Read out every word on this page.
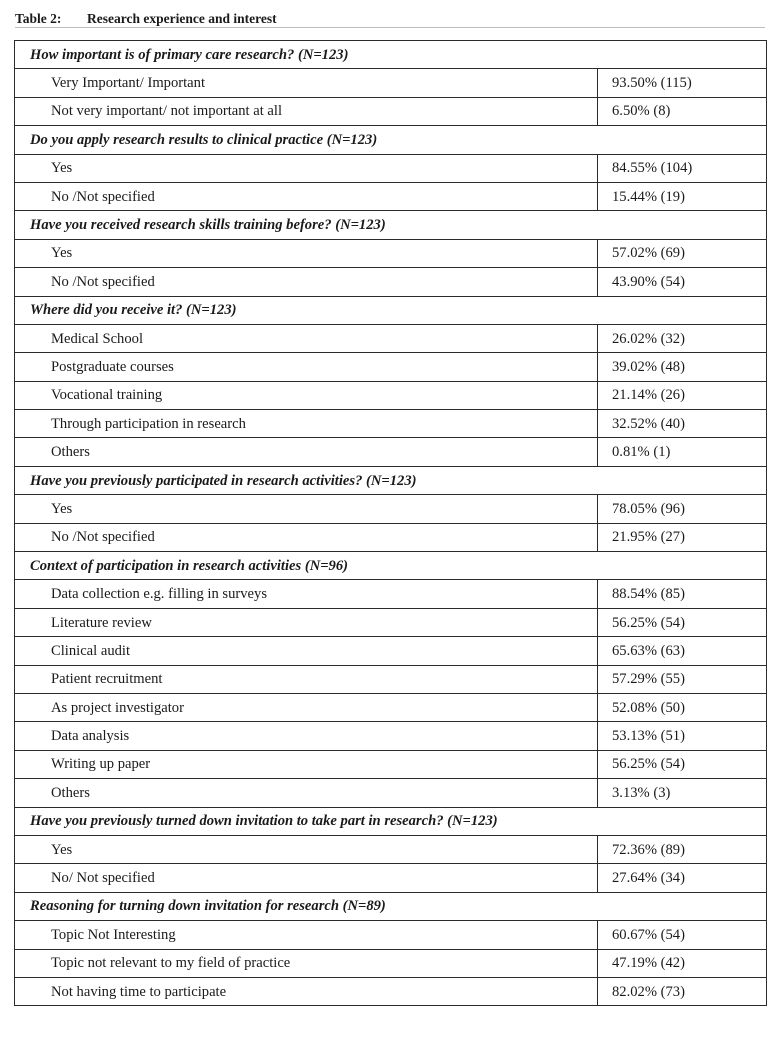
Table 2: Research experience and interest
How important is of primary care research? (N=123)	
Very Important/ Important	93.50% (115)
Not very important/ not important at all	6.50% (8)
Do you apply research results to clinical practice (N=123)	
Yes	84.55% (104)
No /Not specified	15.44% (19)
Have you received research skills training before? (N=123)	
Yes	57.02% (69)
No /Not specified	43.90% (54)
Where did you receive it? (N=123)	
Medical School	26.02% (32)
Postgraduate courses	39.02% (48)
Vocational training	21.14% (26)
Through participation in research	32.52% (40)
Others	0.81% (1)
Have you previously participated in research activities? (N=123)	
Yes	78.05% (96)
No /Not specified	21.95% (27)
Context of participation in research activities (N=96)	
Data collection e.g. filling in surveys	88.54% (85)
Literature review	56.25% (54)
Clinical audit	65.63% (63)
Patient recruitment	57.29% (55)
As project investigator	52.08% (50)
Data analysis	53.13% (51)
Writing up paper	56.25% (54)
Others	3.13% (3)
Have you previously turned down invitation to take part in research? (N=123)	
Yes	72.36% (89)
No/ Not specified	27.64% (34)
Reasoning for turning down invitation for research (N=89)	
Topic Not Interesting	60.67% (54)
Topic not relevant to my field of practice	47.19% (42)
Not having time to participate	82.02% (73)
